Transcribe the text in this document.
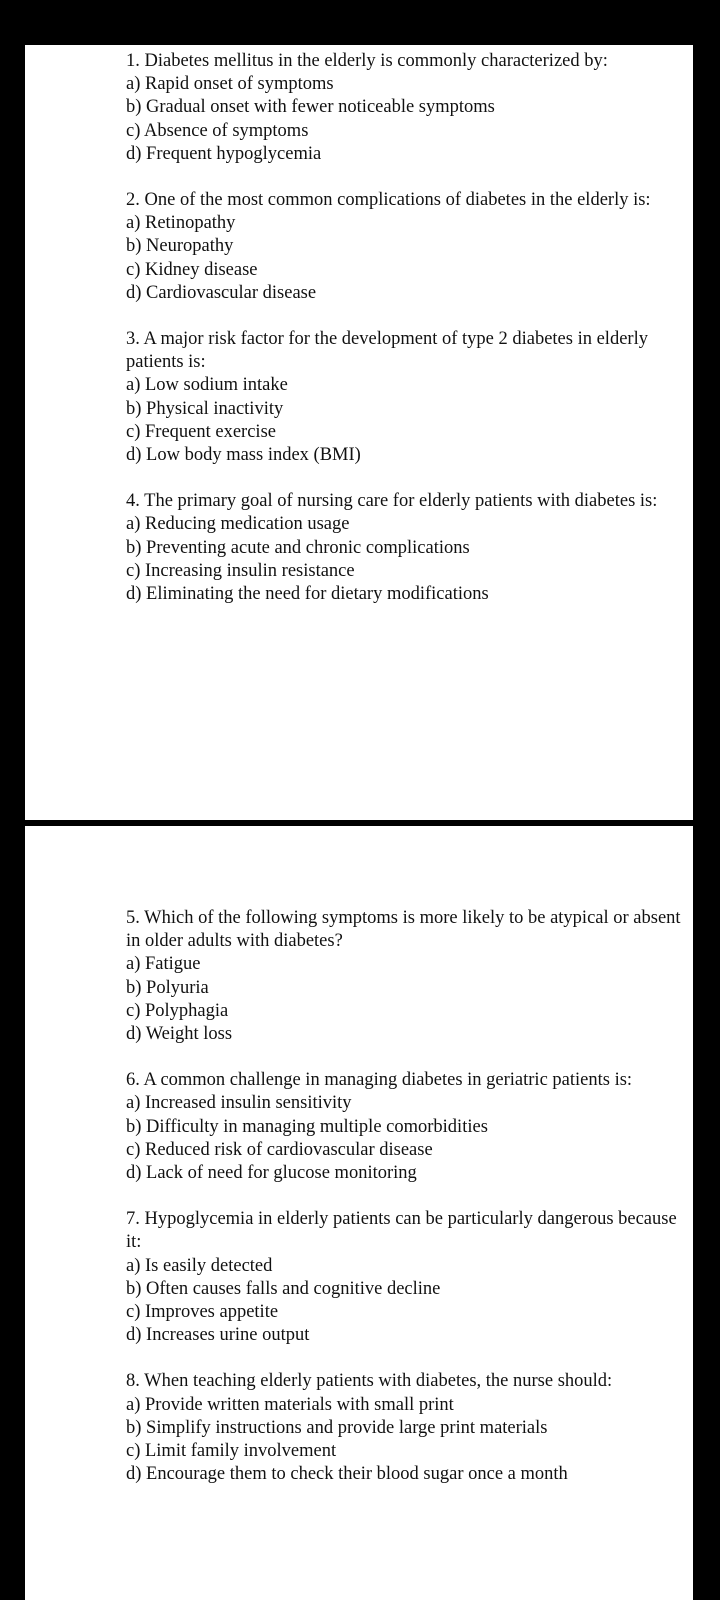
1. Diabetes mellitus in the elderly is commonly characterized by:
a) Rapid onset of symptoms
b) Gradual onset with fewer noticeable symptoms
c) Absence of symptoms
d) Frequent hypoglycemia
2. One of the most common complications of diabetes in the elderly is:
a) Retinopathy
b) Neuropathy
c) Kidney disease
d) Cardiovascular disease
3. A major risk factor for the development of type 2 diabetes in elderly patients is:
a) Low sodium intake
b) Physical inactivity
c) Frequent exercise
d) Low body mass index (BMI)
4. The primary goal of nursing care for elderly patients with diabetes is:
a) Reducing medication usage
b) Preventing acute and chronic complications
c) Increasing insulin resistance
d) Eliminating the need for dietary modifications
5. Which of the following symptoms is more likely to be atypical or absent in older adults with diabetes?
a) Fatigue
b) Polyuria
c) Polyphagia
d) Weight loss
6. A common challenge in managing diabetes in geriatric patients is:
a) Increased insulin sensitivity
b) Difficulty in managing multiple comorbidities
c) Reduced risk of cardiovascular disease
d) Lack of need for glucose monitoring
7. Hypoglycemia in elderly patients can be particularly dangerous because it:
a) Is easily detected
b) Often causes falls and cognitive decline
c) Improves appetite
d) Increases urine output
8. When teaching elderly patients with diabetes, the nurse should:
a) Provide written materials with small print
b) Simplify instructions and provide large print materials
c) Limit family involvement
d) Encourage them to check their blood sugar once a month
